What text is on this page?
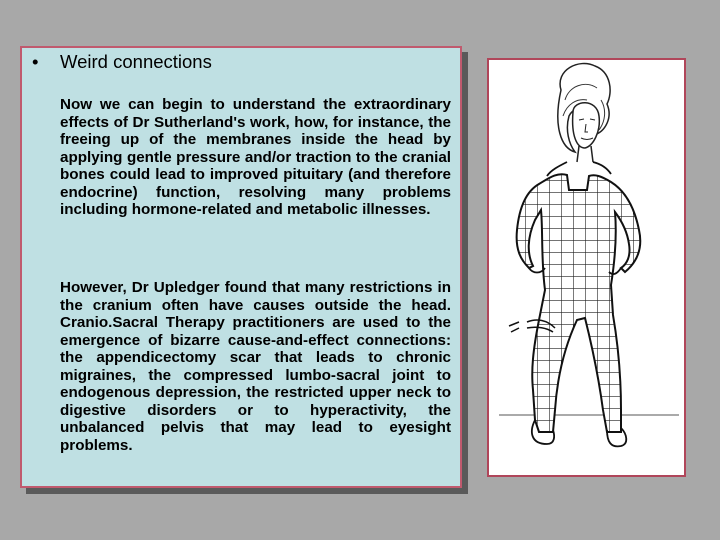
• Weird connections

Now we can begin to understand the extraordinary effects of Dr Sutherland's work, how, for instance, the freeing up of the membranes inside the head by applying gentle pressure and/or traction to the cranial bones could lead to improved pituitary (and therefore endocrine) function, resolving many problems including hormone-related and metabolic illnesses.

However, Dr Upledger found that many restrictions in the cranium often have causes outside the head. Cranio.Sacral Therapy practitioners are used to the emergence of bizarre cause-and-effect connections: the appendicectomy scar that leads to chronic migraines, the compressed lumbo-sacral joint to endogenous depression, the restricted upper neck to digestive disorders or to hyperactivity, the unbalanced pelvis that may lead to eyesight problems.
